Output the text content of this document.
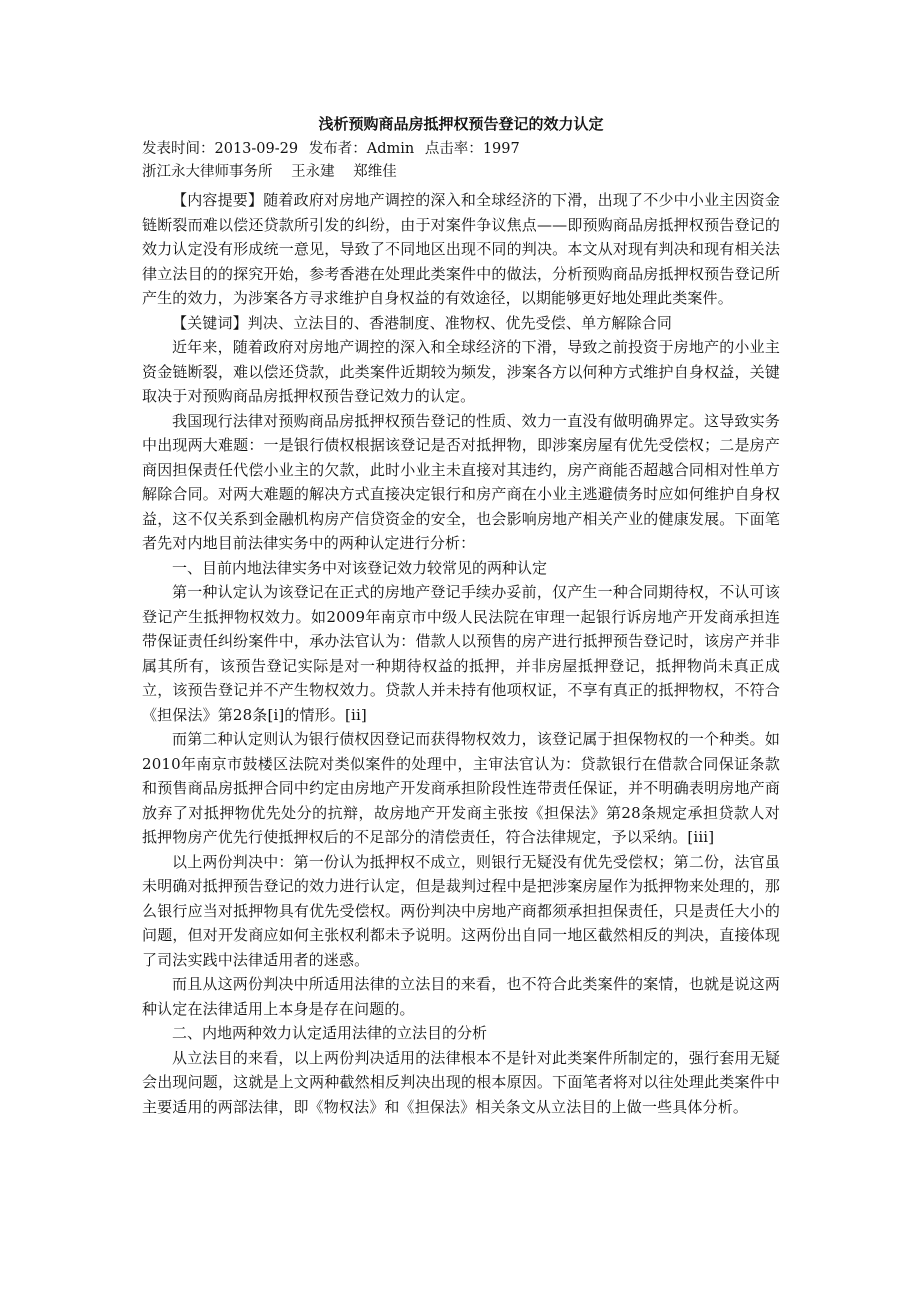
浅析预购商品房抵押权预告登记的效力认定
发表时间：2013-09-29 发布者：Admin 点击率：1997
浙江永大律师事务所 王永建 郑维佳

【内容提要】随着政府对房地产调控的深入和全球经济的下滑，出现了不少中小业主因资金链断裂而难以偿还贷款所引发的纠纷，由于对案件争议焦点——即预购商品房抵押权预告登记的效力认定没有形成统一意见，导致了不同地区出现不同的判决。本文从对现有判决和现有相关法律立法目的的探究开始，参考香港在处理此类案件中的做法，分析预购商品房抵押权预告登记所产生的效力，为涉案各方寻求维护自身权益的有效途径，以期能够更好地处理此类案件。

【关键词】判决、立法目的、香港制度、准物权、优先受偿、单方解除合同

近年来，随着政府对房地产调控的深入和全球经济的下滑，导致之前投资于房地产的小业主资金链断裂，难以偿还贷款，此类案件近期较为频发，涉案各方以何种方式维护自身权益，关键取决于对预购商品房抵押权预告登记效力的认定。

我国现行法律对预购商品房抵押权预告登记的性质、效力一直没有做明确界定。这导致实务中出现两大难题：一是银行债权根据该登记是否对抵押物，即涉案房屋有优先受偿权；二是房产商因担保责任代偿小业主的欠款，此时小业主未直接对其违约，房产商能否超越合同相对性单方解除合同。对两大难题的解决方式直接决定银行和房产商在小业主逃避债务时应如何维护自身权益，这不仅关系到金融机构房产信贷资金的安全，也会影响房地产相关产业的健康发展。下面笔者先对内地目前法律实务中的两种认定进行分析：

一、目前内地法律实务中对该登记效力较常见的两种认定

第一种认定认为该登记在正式的房地产登记手续办妥前，仅产生一种合同期待权，不认可该登记产生抵押物权效力。如2009年南京市中级人民法院在审理一起银行诉房地产开发商承担连带保证责任纠纷案件中，承办法官认为：借款人以预售的房产进行抵押预告登记时，该房产并非属其所有，该预告登记实际是对一种期待权益的抵押，并非房屋抵押登记，抵押物尚未真正成立，该预告登记并不产生物权效力。贷款人并未持有他项权证，不享有真正的抵押物权，不符合《担保法》第28条[i]的情形。[ii]

而第二种认定则认为银行债权因登记而获得物权效力，该登记属于担保物权的一个种类。如2010年南京市鼓楼区法院对类似案件的处理中，主审法官认为：贷款银行在借款合同保证条款和预售商品房抵押合同中约定由房地产开发商承担阶段性连带责任保证，并不明确表明房地产商放弃了对抵押物优先处分的抗辩，故房地产开发商主张按《担保法》第28条规定承担贷款人对抵押物房产优先行使抵押权后的不足部分的清偿责任，符合法律规定，予以采纳。[iii]

以上两份判决中：第一份认为抵押权不成立，则银行无疑没有优先受偿权；第二份，法官虽未明确对抵押预告登记的效力进行认定，但是裁判过程中是把涉案房屋作为抵押物来处理的，那么银行应当对抵押物具有优先受偿权。两份判决中房地产商都须承担担保责任，只是责任大小的问题，但对开发商应如何主张权利都未予说明。这两份出自同一地区截然相反的判决，直接体现了司法实践中法律适用者的迷惑。

而且从这两份判决中所适用法律的立法目的来看，也不符合此类案件的案情，也就是说这两种认定在法律适用上本身是存在问题的。

二、内地两种效力认定适用法律的立法目的分析

从立法目的来看，以上两份判决适用的法律根本不是针对此类案件所制定的，强行套用无疑会出现问题，这就是上文两种截然相反判决出现的根本原因。下面笔者将对以往处理此类案件中主要适用的两部法律，即《物权法》和《担保法》相关条文从立法目的上做一些具体分析。
